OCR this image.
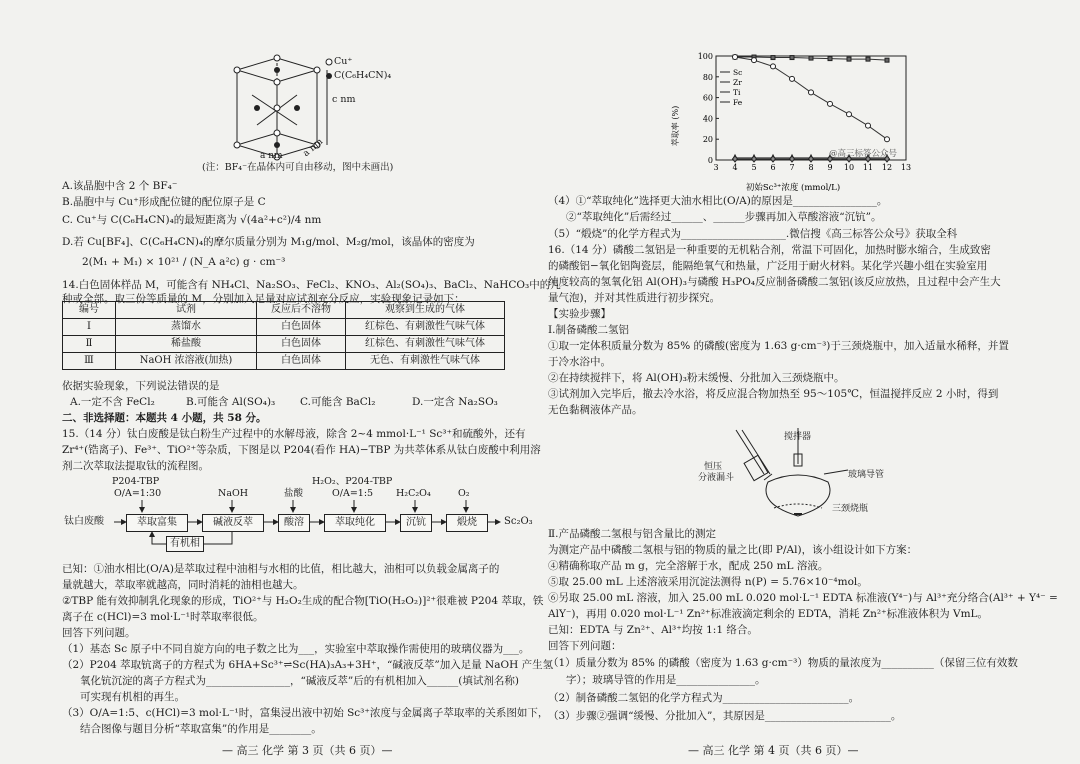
Cu⁺
C(C₆H₄CN)₄
c nm
a nm a nm
(注：BF₄⁻在晶体内可自由移动，图中未画出)
A.该晶胞中含 2 个 BF₄⁻
B.晶胞中与 Cu⁺形成配位键的配位原子是 C
C. Cu⁺与 C(C₆H₄CN)₄的最短距离为 √(4a²+c²)/4 nm
D.若 Cu[BF₄]、C(C₆H₄CN)₄的摩尔质量分别为 M₁g/mol、M₂g/mol，该晶体的密度为
2(M₁ + M₁) × 10²¹ / (N_A a²c) g · cm⁻³
14.白色固体样品 M，可能含有 NH₄Cl、Na₂SO₃、FeCl₂、KNO₃、Al₂(SO₄)₃、BaCl₂、NaHCO₃中的几
种或全部。取三份等质量的 M，分别加入足量对应试剂充分反应，实验现象记录如下：
编号	试剂	反应后不溶物	观察到生成的气体
Ⅰ	蒸馏水	白色固体	红棕色、有刺激性气味气体
Ⅱ	稀盐酸	白色固体	红棕色、有刺激性气味气体
Ⅲ	NaOH 浓溶液(加热)	白色固体	无色、有刺激性气味气体
依据实验现象，下列说法错误的是
A.一定不含 FeCl₂	B.可能含 Al(SO₄)₃ C.可能含 BaCl₂	D.一定含 Na₂SO₃
二、非选择题：本题共 4 小题，共 58 分。
15.（14 分）钛白废酸是钛白粉生产过程中的水解母液，除含 2~4 mmol·L⁻¹ Sc³⁺和硫酸外，还有
Zr⁴⁺(锆离子)、Fe³⁺、TiO²⁺等杂质，下图是以 P204(看作 HA)−TBP 为共萃体系从钛白废酸中利用溶
剂二次萃取法提取钛的流程图。
P204-TBP
O/A=1:30	NaOH	盐酸
H₂O₂、P204-TBP
O/A=1:5 H₂C₂O₄	O₂
萃取富集	碱液反萃	酸溶	萃取纯化	沉钪	煅烧
钛白废酸	Sc₂O₃
有机相
已知：①油水相比(O/A)是萃取过程中油相与水相的比值，相比越大，油相可以负载金属离子的
量就越大，萃取率就越高，同时消耗的油相也越大。
②TBP 能有效抑制乳化现象的形成，TiO²⁺与 H₂O₂生成的配合物[TiO(H₂O₂)]²⁺很难被 P204 萃取，铁
离子在 c(HCl)=3 mol·L⁻¹时萃取率很低。
回答下列问题。
（1）基态 Sc 原子中不同自旋方向的电子数之比为___，实验室中萃取操作需使用的玻璃仪器为___。
（2）P204 萃取钪离子的方程式为 6HA+Sc³⁺⇌Sc(HA)₃A₃+3H⁺，“碱液反萃”加入足量 NaOH 产生氢
氧化钪沉淀的离子方程式为________________，“碱液反萃”后的有机相加入______(填试剂名称)
可实现有机相的再生。
（3）O/A=1:5、c(HCl)=3 mol·L⁻¹时，富集浸出液中初始 Sc³⁺浓度与金属离子萃取率的关系图如下，
结合图像与题目分析“萃取富集”的作用是________。
— 高三 化学 第 3 页（共 6 页）—
3 4 5 6 7 8 9 10 11 12 13
0
20
40
60
80
100
Sc
Zr
Ti
Fe
萃取率 (%)
初始Sc³⁺浓度 (mmol/L)
@高三标答公众号
（4）①“萃取纯化”选择更大油水相比(O/A)的原因是________________。
②“萃取纯化”后需经过______、______步骤再加入草酸溶液“沉钪”。
（5）“煅烧”的化学方程式为____________________.微信搜《高三标答公众号》获取全科
16.（14 分）磷酸二氢铝是一种重要的无机粘合剂，常温下可固化，加热时膨水缩合，生成致密
的磷酸铝−氧化铝陶瓷层，能隔绝氧气和热量，广泛用于耐火材料。某化学兴趣小组在实验室用
纯度较高的氢氧化铝 Al(OH)₃与磷酸 H₃PO₄反应制备磷酸二氢铝(该反应放热，且过程中会产生大
量气泡)，并对其性质进行初步探究。
【实验步骤】
Ⅰ.制备磷酸二氢铝
①取一定体积质量分数为 85% 的磷酸(密度为 1.63 g·cm⁻³)于三颈烧瓶中，加入适量水稀释，并置
于冷水浴中。
②在持续搅拌下，将 Al(OH)₃粉末缓慢、分批加入三颈烧瓶中。
③试剂加入完毕后，撤去冷水浴，将反应混合物加热至 95～105℃，恒温搅拌反应 2 小时，得到
无色黏稠液体产品。
搅拌器
恒压
分液漏斗	玻璃导管
三颈烧瓶
Ⅱ.产品磷酸二氢根与铝含量比的测定
为测定产品中磷酸二氢根与铝的物质的量之比(即 P/Al)，该小组设计如下方案：
④精确称取产品 m g，完全溶解于水，配成 250 mL 溶液。
⑤取 25.00 mL 上述溶液采用沉淀法测得 n(P) = 5.76×10⁻⁴mol。
⑥另取 25.00 mL 溶液，加入 25.00 mL 0.020 mol·L⁻¹ EDTA 标准液(Y⁴⁻)与 Al³⁺充分络合(Al³⁺ + Y⁴⁻ =
AlY⁻)，再用 0.020 mol·L⁻¹ Zn²⁺标准液滴定剩余的 EDTA，消耗 Zn²⁺标准液体积为 VmL。
已知：EDTA 与 Zn²⁺、Al³⁺均按 1:1 络合。
回答下列问题：
（1）质量分数为 85% 的磷酸（密度为 1.63 g·cm⁻³）物质的量浓度为__________（保留三位有效数
字）；玻璃导管的作用是_______________。
（2）制备磷酸二氢铝的化学方程式为________________________。
（3）步骤②强调“缓慢、分批加入”，其原因是________________________。
— 高三 化学 第 4 页（共 6 页）—
